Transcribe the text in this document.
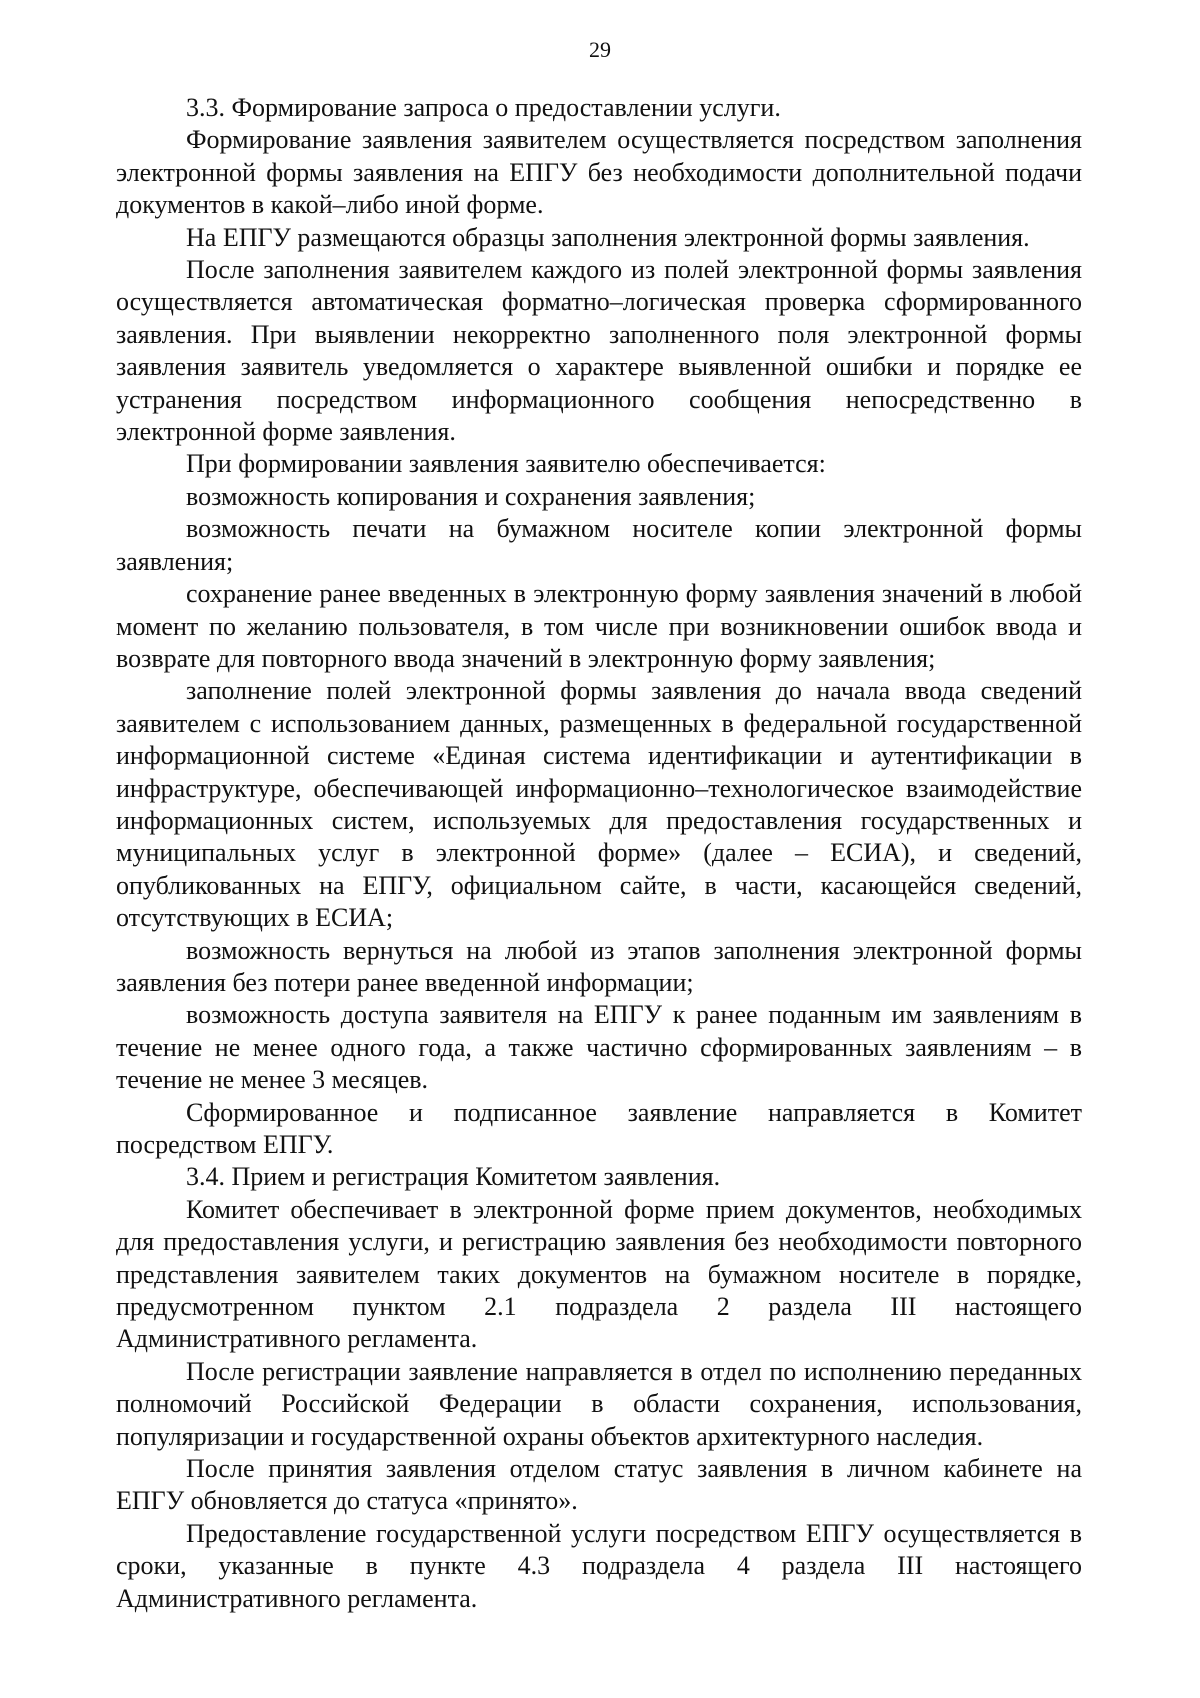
29

3.3. Формирование запроса о предоставлении услуги.

Формирование заявления заявителем осуществляется посредством заполнения электронной формы заявления на ЕПГУ без необходимости дополнительной подачи документов в какой–либо иной форме.

На ЕПГУ размещаются образцы заполнения электронной формы заявления.

После заполнения заявителем каждого из полей электронной формы заявления осуществляется автоматическая форматно–логическая проверка сформированного заявления. При выявлении некорректно заполненного поля электронной формы заявления заявитель уведомляется о характере выявленной ошибки и порядке ее устранения посредством информационного сообщения непосредственно в электронной форме заявления.

При формировании заявления заявителю обеспечивается:

возможность копирования и сохранения заявления;

возможность печати на бумажном носителе копии электронной формы заявления;

сохранение ранее введенных в электронную форму заявления значений в любой момент по желанию пользователя, в том числе при возникновении ошибок ввода и возврате для повторного ввода значений в электронную форму заявления;

заполнение полей электронной формы заявления до начала ввода сведений заявителем с использованием данных, размещенных в федеральной государственной информационной системе «Единая система идентификации и аутентификации в инфраструктуре, обеспечивающей информационно–технологическое взаимодействие информационных систем, используемых для предоставления государственных и муниципальных услуг в электронной форме» (далее – ЕСИА), и сведений, опубликованных на ЕПГУ, официальном сайте, в части, касающейся сведений, отсутствующих в ЕСИА;

возможность вернуться на любой из этапов заполнения электронной формы заявления без потери ранее введенной информации;

возможность доступа заявителя на ЕПГУ к ранее поданным им заявлениям в течение не менее одного года, а также частично сформированных заявлениям – в течение не менее 3 месяцев.

Сформированное и подписанное заявление направляется в Комитет посредством ЕПГУ.

3.4. Прием и регистрация Комитетом заявления.

Комитет обеспечивает в электронной форме прием документов, необходимых для предоставления услуги, и регистрацию заявления без необходимости повторного представления заявителем таких документов на бумажном носителе в порядке, предусмотренном пунктом 2.1 подраздела 2 раздела III настоящего Административного регламента.

После регистрации заявление направляется в отдел по исполнению переданных полномочий Российской Федерации в области сохранения, использования, популяризации и государственной охраны объектов архитектурного наследия.

После принятия заявления отделом статус заявления в личном кабинете на ЕПГУ обновляется до статуса «принято».

Предоставление государственной услуги посредством ЕПГУ осуществляется в сроки, указанные в пункте 4.3 подраздела 4 раздела III настоящего Административного регламента.
